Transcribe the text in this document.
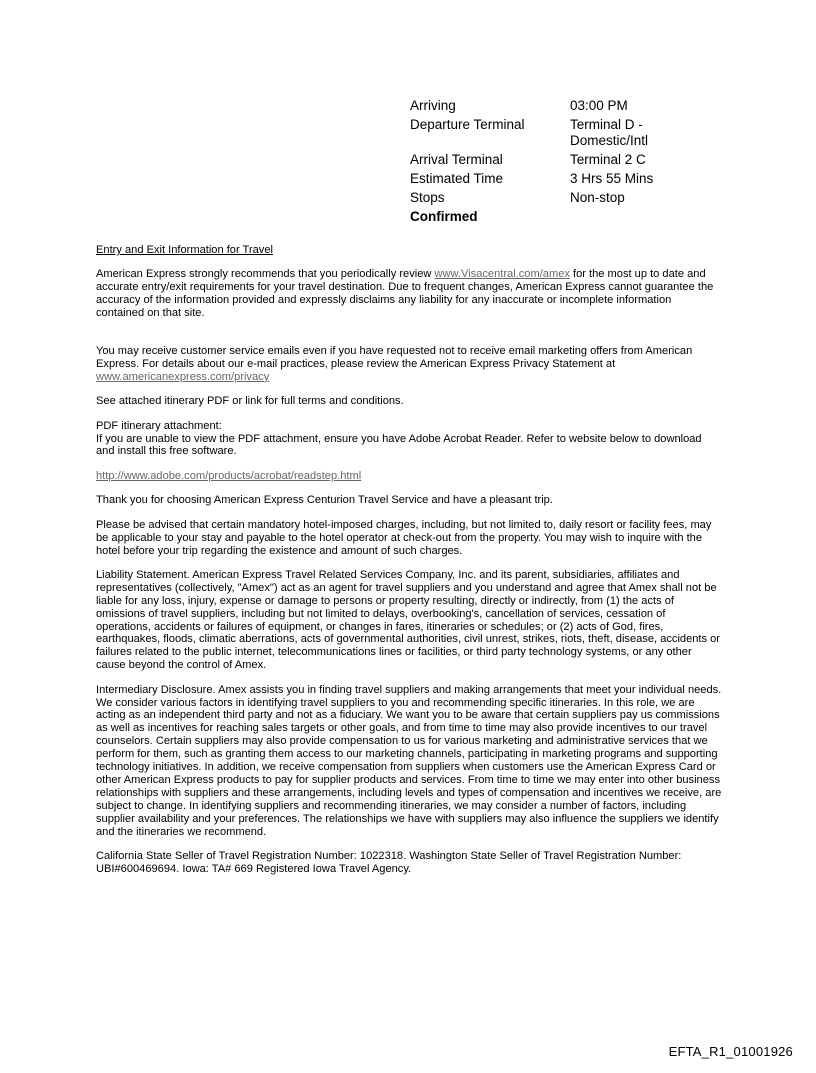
Arriving	03:00 PM
Departure Terminal	Terminal D -
Domestic/Intl
Arrival Terminal	Terminal 2 C
Estimated Time	3 Hrs 55 Mins
Stops	Non-stop
Confirmed	

Entry and Exit Information for Travel

American Express strongly recommends that you periodically review www.Visacentral.com/amex for the most up to date and accurate entry/exit requirements for your travel destination. Due to frequent changes, American Express cannot guarantee the accuracy of the information provided and expressly disclaims any liability for any inaccurate or incomplete information contained on that site.

You may receive customer service emails even if you have requested not to receive email marketing offers from American Express. For details about our e-mail practices, please review the American Express Privacy Statement at www.americanexpress.com/privacy

See attached itinerary PDF or link for full terms and conditions.

PDF itinerary attachment:
If you are unable to view the PDF attachment, ensure you have Adobe Acrobat Reader. Refer to website below to download and install this free software.

http://www.adobe.com/products/acrobat/readstep.html

Thank you for choosing American Express Centurion Travel Service and have a pleasant trip.

Please be advised that certain mandatory hotel-imposed charges, including, but not limited to, daily resort or facility fees, may be applicable to your stay and payable to the hotel operator at check-out from the property. You may wish to inquire with the hotel before your trip regarding the existence and amount of such charges.

Liability Statement. American Express Travel Related Services Company, Inc. and its parent, subsidiaries, affiliates and representatives (collectively, "Amex") act as an agent for travel suppliers and you understand and agree that Amex shall not be liable for any loss, injury, expense or damage to persons or property resulting, directly or indirectly, from (1) the acts of omissions of travel suppliers, including but not limited to delays, overbooking's, cancellation of services, cessation of operations, accidents or failures of equipment, or changes in fares, itineraries or schedules; or (2) acts of God, fires, earthquakes, floods, climatic aberrations, acts of governmental authorities, civil unrest, strikes, riots, theft, disease, accidents or failures related to the public internet, telecommunications lines or facilities, or third party technology systems, or any other cause beyond the control of Amex.

Intermediary Disclosure. Amex assists you in finding travel suppliers and making arrangements that meet your individual needs. We consider various factors in identifying travel suppliers to you and recommending specific itineraries. In this role, we are acting as an independent third party and not as a fiduciary. We want you to be aware that certain suppliers pay us commissions as well as incentives for reaching sales targets or other goals, and from time to time may also provide incentives to our travel counselors. Certain suppliers may also provide compensation to us for various marketing and administrative services that we perform for them, such as granting them access to our marketing channels, participating in marketing programs and supporting technology initiatives. In addition, we receive compensation from suppliers when customers use the American Express Card or other American Express products to pay for supplier products and services. From time to time we may enter into other business relationships with suppliers and these arrangements, including levels and types of compensation and incentives we receive, are subject to change. In identifying suppliers and recommending itineraries, we may consider a number of factors, including supplier availability and your preferences. The relationships we have with suppliers may also influence the suppliers we identify and the itineraries we recommend.

California State Seller of Travel Registration Number: 1022318. Washington State Seller of Travel Registration Number: UBI#600469694. Iowa: TA# 669 Registered Iowa Travel Agency.

EFTA_R1_01001926
